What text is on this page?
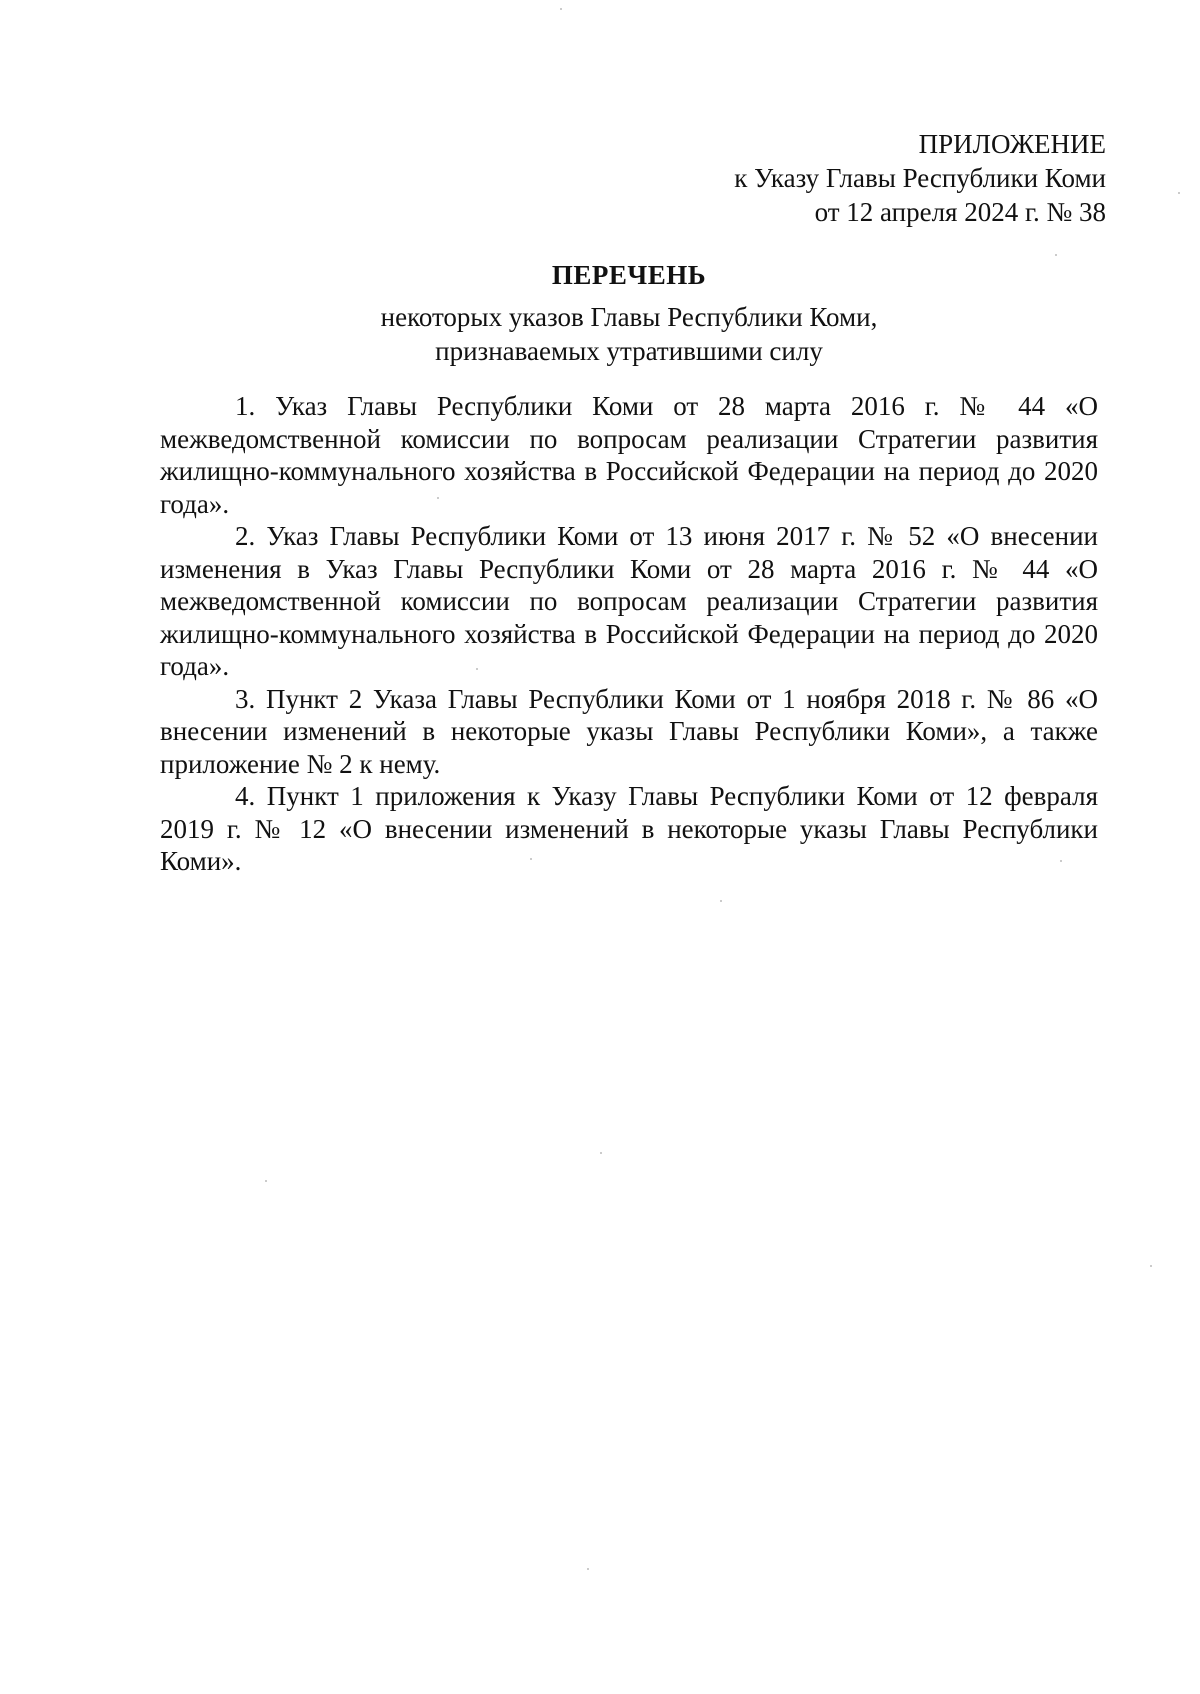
ПРИЛОЖЕНИЕ
к Указу Главы Республики Коми
от 12 апреля 2024 г. № 38
ПЕРЕЧЕНЬ
некоторых указов Главы Республики Коми,
признаваемых утратившими силу

1. Указ Главы Республики Коми от 28 марта 2016 г. № 44 «О межведомственной комиссии по вопросам реализации Стратегии развития жилищно-коммунального хозяйства в Российской Федерации на период до 2020 года».

2. Указ Главы Республики Коми от 13 июня 2017 г. № 52 «О внесении изменения в Указ Главы Республики Коми от 28 марта 2016 г. № 44 «О межведомственной комиссии по вопросам реализации Стратегии развития жилищно-коммунального хозяйства в Российской Федерации на период до 2020 года».

3. Пункт 2 Указа Главы Республики Коми от 1 ноября 2018 г. № 86 «О внесении изменений в некоторые указы Главы Республики Коми», а также приложение № 2 к нему.

4. Пункт 1 приложения к Указу Главы Республики Коми от 12 февраля 2019 г. № 12 «О внесении изменений в некоторые указы Главы Республики Коми».
